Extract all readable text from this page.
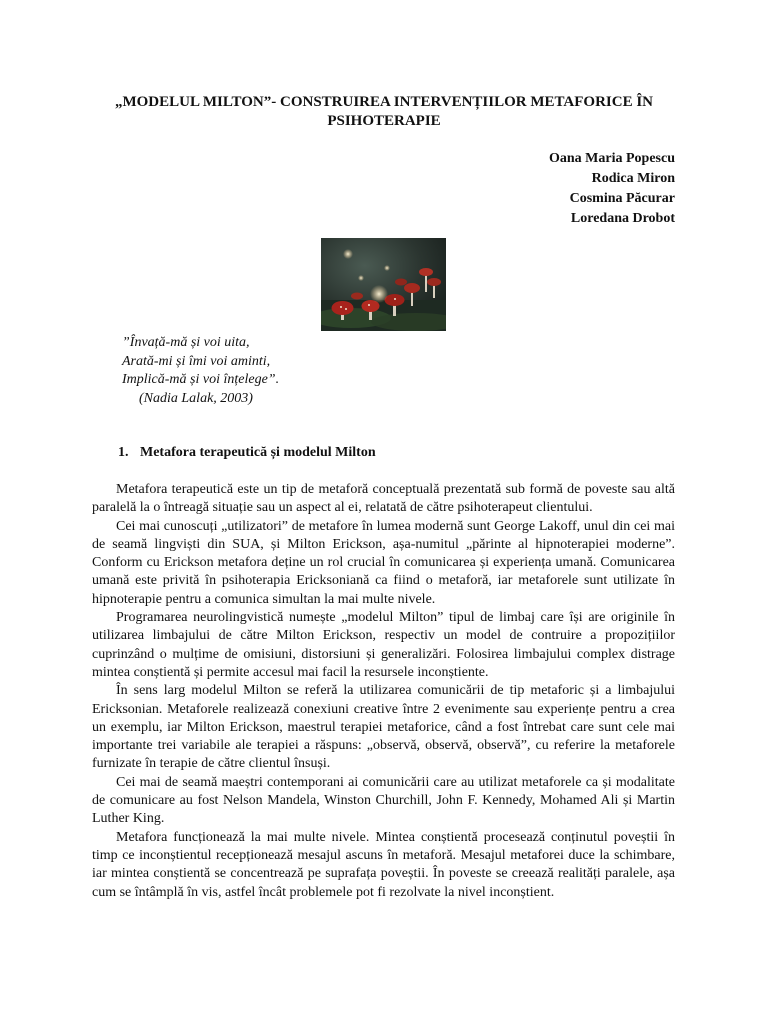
„MODELUL MILTON”- CONSTRUIREA INTERVENȚIILOR METAFORICE ÎN PSIHOTERAPIE
Oana Maria Popescu
Rodica Miron
Cosmina Păcurar
Loredana Drobot
”Învață-mă și voi uita,
Arată-mi și îmi voi aminti,
Implică-mă și voi înțelege”.
(Nadia Lalak, 2003)
1. Metafora terapeutică și modelul Milton

Metafora terapeutică este un tip de metaforă conceptuală prezentată sub formă de poveste sau altă paralelă la o întreagă situație sau un aspect al ei, relatată de către psihoterapeut clientului.

Cei mai cunoscuți „utilizatori” de metafore în lumea modernă sunt George Lakoff, unul din cei mai de seamă lingviști din SUA, și Milton Erickson, așa-numitul „părinte al hipnoterapiei moderne”. Conform cu Erickson metafora deține un rol crucial în comunicarea și experiența umană. Comunicarea umană este privită în psihoterapia Ericksoniană ca fiind o metaforă, iar metaforele sunt utilizate în hipnoterapie pentru a comunica simultan la mai multe nivele.

Programarea neurolingvistică numește „modelul Milton” tipul de limbaj care își are originile în utilizarea limbajului de către Milton Erickson, respectiv un model de contruire a propozițiilor cuprinzând o mulțime de omisiuni, distorsiuni și generalizări. Folosirea limbajului complex distrage mintea conștientă și permite accesul mai facil la resursele inconștiente.

În sens larg modelul Milton se referă la utilizarea comunicării de tip metaforic și a limbajului Ericksonian. Metaforele realizează conexiuni creative între 2 evenimente sau experiențe pentru a crea un exemplu, iar Milton Erickson, maestrul terapiei metaforice, când a fost întrebat care sunt cele mai importante trei variabile ale terapiei a răspuns: „observă, observă, observă”, cu referire la metaforele furnizate în terapie de către clientul însuși.

Cei mai de seamă maeștri contemporani ai comunicării care au utilizat metaforele ca și modalitate de comunicare au fost Nelson Mandela, Winston Churchill, John F. Kennedy, Mohamed Ali și Martin Luther King.

Metafora funcționează la mai multe nivele. Mintea conștientă procesează conținutul poveștii în timp ce inconștientul recepționează mesajul ascuns în metaforă. Mesajul metaforei duce la schimbare, iar mintea conștientă se concentrează pe suprafața poveștii. În poveste se creează realități paralele, așa cum se întâmplă în vis, astfel încât problemele pot fi rezolvate la nivel inconștient.
